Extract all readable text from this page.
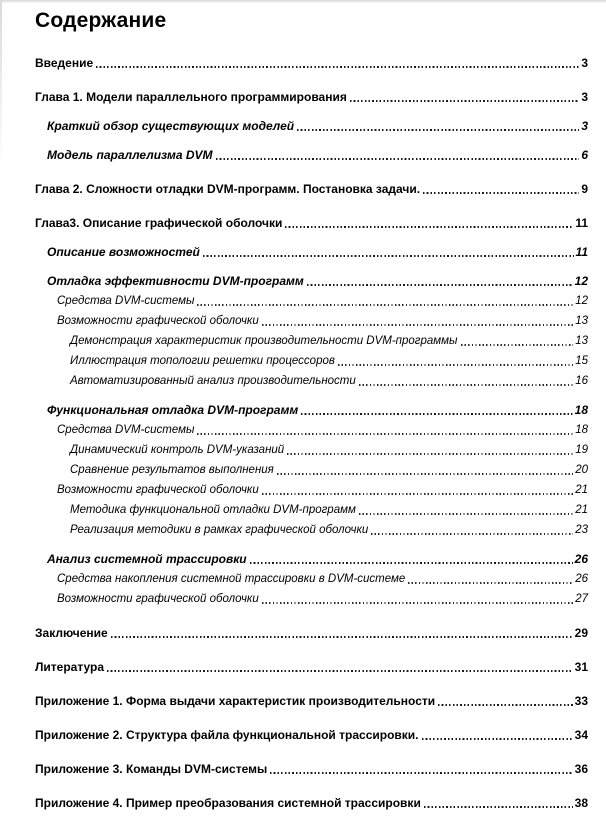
Содержание
Введение	3
Глава 1. Модели параллельного программирования	3
Краткий обзор существующих моделей	3
Модель параллелизма DVM	6
Глава 2. Сложности отладки DVM-программ. Постановка задачи.	9
Глава3. Описание графической оболочки	11
Описание возможностей	11
Отладка эффективности DVM-программ	12
Средства DVM-системы	12
Возможности графической оболочки	13
Демонстрация характеристик производительности DVM-программы	13
Иллюстрация топологии решетки процессоров	15
Автоматизированный анализ производительности	16
Функциональная отладка DVM-программ	18
Средства DVM-системы	18
Динамический контроль DVM-указаний	19
Сравнение результатов выполнения	20
Возможности графической оболочки	21
Методика функциональной отладки DVM-программ	21
Реализация методики в рамках графической оболочки	23
Анализ системной трассировки	26
Средства накопления системной трассировки в DVM-системе	26
Возможности графической оболочки	27
Заключение	29
Литература	31
Приложение 1. Форма выдачи характеристик производительности	33
Приложение 2. Структура файла функциональной трассировки.	34
Приложение 3. Команды DVM-системы	36
Приложение 4. Пример преобразования системной трассировки	38
